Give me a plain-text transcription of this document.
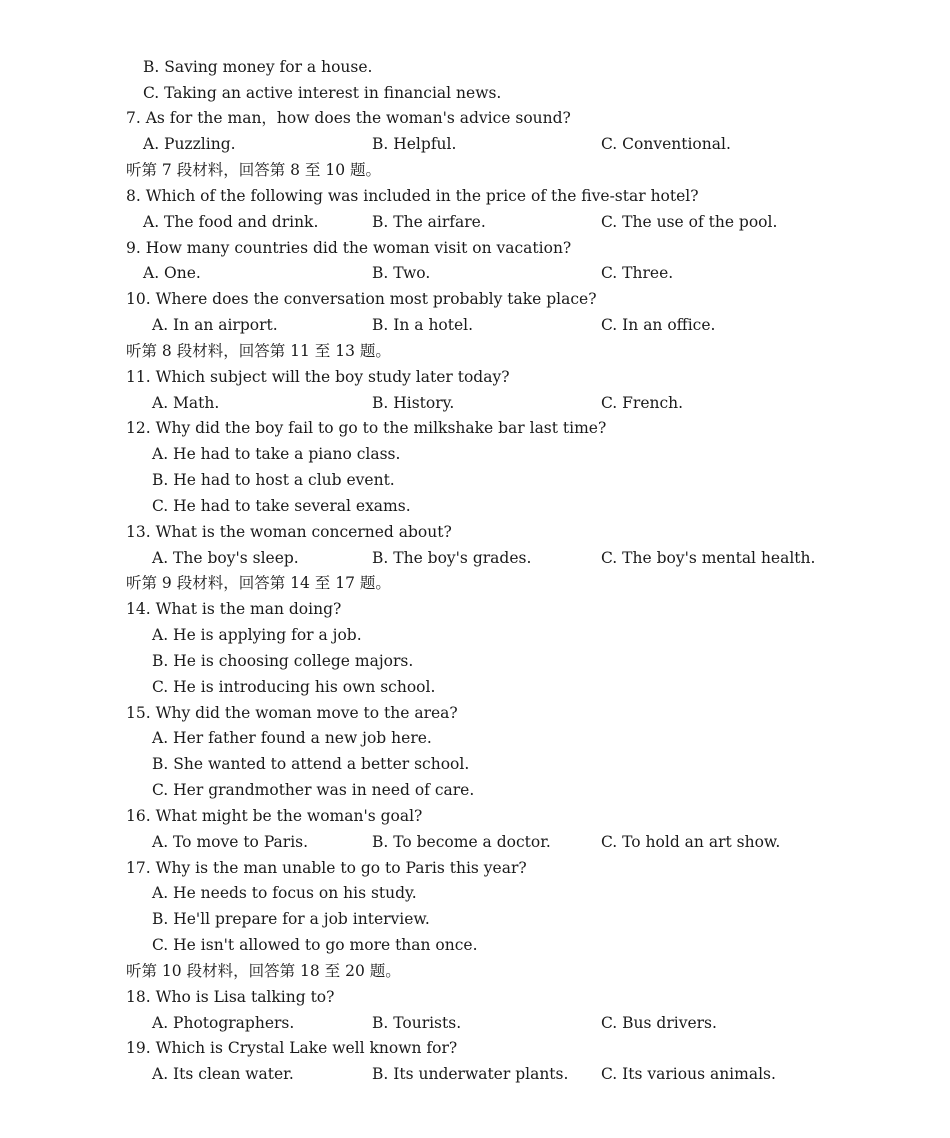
B. Saving money for a house.
C. Taking an active interest in financial news.
7. As for the man，how does the woman's advice sound?
A. Puzzling.	B. Helpful.	C. Conventional.
听第 7 段材料，回答第 8 至 10 题。
8. Which of the following was included in the price of the five-star hotel?
A. The food and drink.	B. The airfare.	C. The use of the pool.
9. How many countries did the woman visit on vacation?
A. One.	B. Two.	C. Three.
10. Where does the conversation most probably take place?
A. In an airport.	B. In a hotel.	C. In an office.
听第 8 段材料，回答第 11 至 13 题。
11. Which subject will the boy study later today?
A. Math.	B. History.	C. French.
12. Why did the boy fail to go to the milkshake bar last time?
A. He had to take a piano class.
B. He had to host a club event.
C. He had to take several exams.
13. What is the woman concerned about?
A. The boy's sleep.	B. The boy's grades.	C. The boy's mental health.
听第 9 段材料，回答第 14 至 17 题。
14. What is the man doing?
A. He is applying for a job.
B. He is choosing college majors.
C. He is introducing his own school.
15. Why did the woman move to the area?
A. Her father found a new job here.
B. She wanted to attend a better school.
C. Her grandmother was in need of care.
16. What might be the woman's goal?
A. To move to Paris.	B. To become a doctor.	C. To hold an art show.
17. Why is the man unable to go to Paris this year?
A. He needs to focus on his study.
B. He'll prepare for a job interview.
C. He isn't allowed to go more than once.
听第 10 段材料，回答第 18 至 20 题。
18. Who is Lisa talking to?
A. Photographers.	B. Tourists.	C. Bus drivers.
19. Which is Crystal Lake well known for?
A. Its clean water.	B. Its underwater plants. C. Its various animals.
